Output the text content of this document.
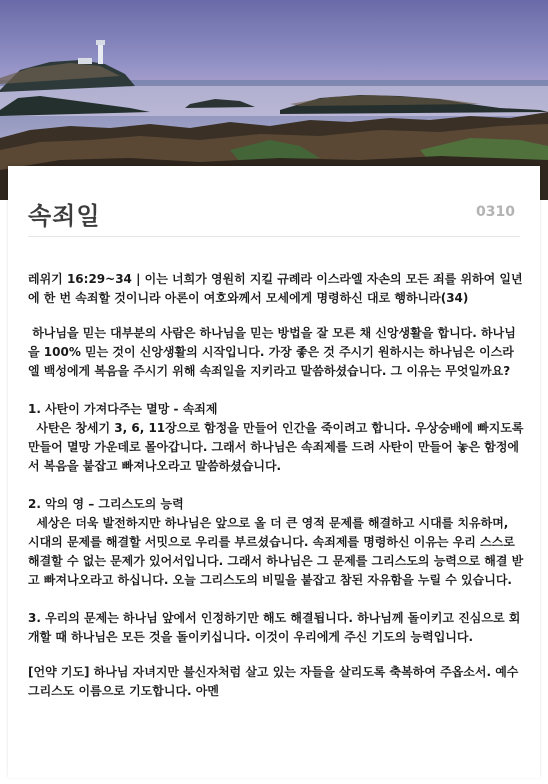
속죄일	0310

레위기 16:29~34 | 이는 너희가 영원히 지킬 규례라 이스라엘 자손의 모든 죄를 위하여 일년에 한 번 속죄할 것이니라 아론이 여호와께서 모세에게 명령하신 대로 행하니라(34)

하나님을 믿는 대부분의 사람은 하나님을 믿는 방법을 잘 모른 채 신앙생활을 합니다. 하나님을 100% 믿는 것이 신앙생활의 시작입니다. 가장 좋은 것 주시기 원하시는 하나님은 이스라엘 백성에게 복음을 주시기 위해 속죄일을 지키라고 말씀하셨습니다. 그 이유는 무엇일까요?

1. 사탄이 가져다주는 멸망 - 속죄제

사탄은 창세기 3, 6, 11장으로 함정을 만들어 인간을 죽이려고 합니다. 우상숭배에 빠지도록 만들어 멸망 가운데로 몰아갑니다. 그래서 하나님은 속죄제를 드려 사탄이 만들어 놓은 함정에서 복음을 붙잡고 빠져나오라고 말씀하셨습니다.

2. 악의 영 – 그리스도의 능력

세상은 더욱 발전하지만 하나님은 앞으로 올 더 큰 영적 문제를 해결하고 시대를 치유하며, 시대의 문제를 해결할 서밋으로 우리를 부르셨습니다. 속죄제를 명령하신 이유는 우리 스스로 해결할 수 없는 문제가 있어서입니다. 그래서 하나님은 그 문제를 그리스도의 능력으로 해결 받고 빠져나오라고 하십니다. 오늘 그리스도의 비밀을 붙잡고 참된 자유함을 누릴 수 있습니다.

3. 우리의 문제는 하나님 앞에서 인정하기만 해도 해결됩니다. 하나님께 돌이키고 진심으로 회개할 때 하나님은 모든 것을 돌이키십니다. 이것이 우리에게 주신 기도의 능력입니다.

[언약 기도] 하나님 자녀지만 불신자처럼 살고 있는 자들을 살리도록 축복하여 주옵소서. 예수 그리스도 이름으로 기도합니다. 아멘
